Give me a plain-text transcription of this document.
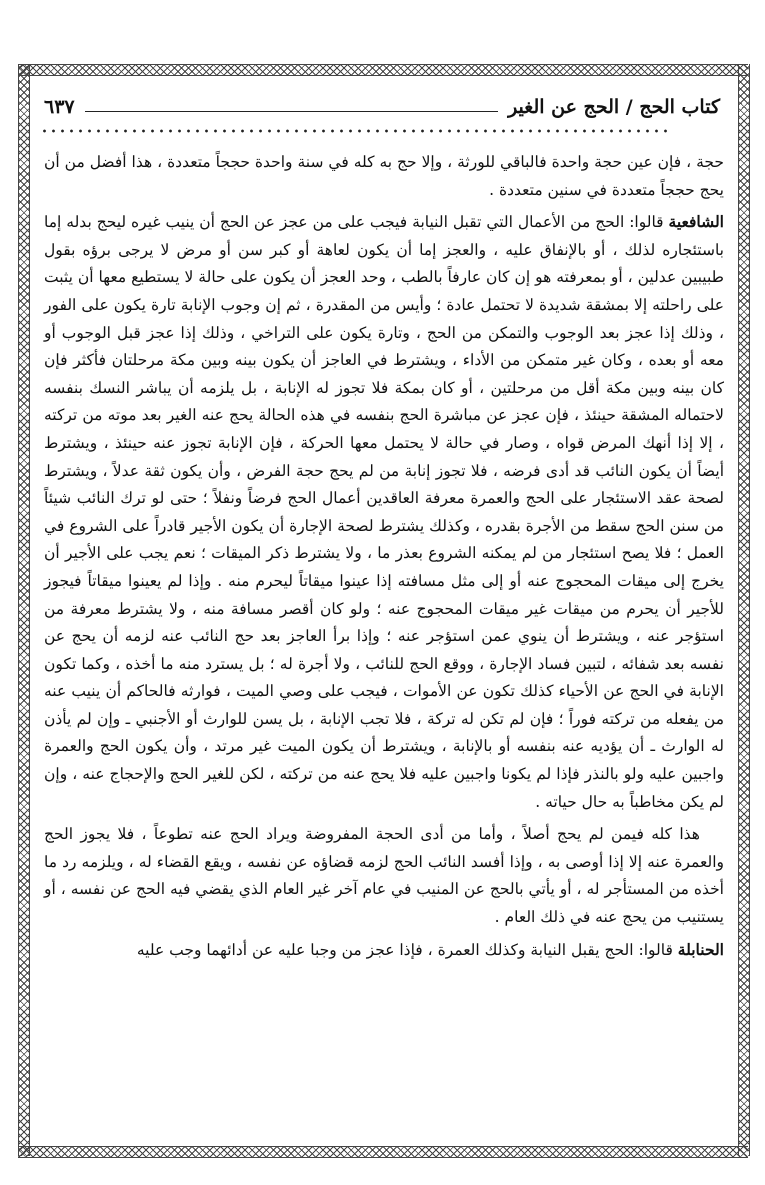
كتاب الحج / الحج عن الغير
٦٣٧

حجة ، فإن عين حجة واحدة فالباقي للورثة ، وإلا حج به كله في سنة واحدة حججاً متعددة ، هذا أفضل من أن يحج حججاً متعددة في سنين متعددة .

الشافعية قالوا: الحج من الأعمال التي تقبل النيابة فيجب على من عجز عن الحج أن ينيب غيره ليحج بدله إما باستئجاره لذلك ، أو بالإنفاق عليه ، والعجز إما أن يكون لعاهة أو كبر سن أو مرض لا يرجى برؤه بقول طبيبين عدلين ، أو بمعرفته هو إن كان عارفاً بالطب ، وحد العجز أن يكون على حالة لا يستطيع معها أن يثبت على راحلته إلا بمشقة شديدة لا تحتمل عادة ؛ وأيس من المقدرة ، ثم إن وجوب الإنابة تارة يكون على الفور ، وذلك إذا عجز بعد الوجوب والتمكن من الحج ، وتارة يكون على التراخي ، وذلك إذا عجز قبل الوجوب أو معه أو بعده ، وكان غير متمكن من الأداء ، ويشترط في العاجز أن يكون بينه وبين مكة مرحلتان فأكثر فإن كان بينه وبين مكة أقل من مرحلتين ، أو كان بمكة فلا تجوز له الإنابة ، بل يلزمه أن يباشر النسك بنفسه لاحتماله المشقة حينئذ ، فإن عجز عن مباشرة الحج بنفسه في هذه الحالة يحج عنه الغير بعد موته من تركته ، إلا إذا أنهك المرض قواه ، وصار في حالة لا يحتمل معها الحركة ، فإن الإنابة تجوز عنه حينئذ ، ويشترط أيضاً أن يكون النائب قد أدى فرضه ، فلا تجوز إنابة من لم يحج حجة الفرض ، وأن يكون ثقة عدلاً ، ويشترط لصحة عقد الاستئجار على الحج والعمرة معرفة العاقدين أعمال الحج فرضاً ونفلاً ؛ حتى لو ترك النائب شيئاً من سنن الحج سقط من الأجرة بقدره ، وكذلك يشترط لصحة الإجارة أن يكون الأجير قادراً على الشروع في العمل ؛ فلا يصح استئجار من لم يمكنه الشروع بعذر ما ، ولا يشترط ذكر الميقات ؛ نعم يجب على الأجير أن يخرج إلى ميقات المحجوج عنه أو إلى مثل مسافته إذا عينوا ميقاتاً ليحرم منه . وإذا لم يعينوا ميقاتاً فيجوز للأجير أن يحرم من ميقات غير ميقات المحجوج عنه ؛ ولو كان أقصر مسافة منه ، ولا يشترط معرفة من استؤجر عنه ، ويشترط أن ينوي عمن استؤجر عنه ؛ وإذا برأ العاجز بعد حج النائب عنه لزمه أن يحج عن نفسه بعد شفائه ، لتبين فساد الإجارة ، ووقع الحج للنائب ، ولا أجرة له ؛ بل يسترد منه ما أخذه ، وكما تكون الإنابة في الحج عن الأحياء كذلك تكون عن الأموات ، فيجب على وصي الميت ، فوارثه فالحاكم أن ينيب عنه من يفعله من تركته فوراً ؛ فإن لم تكن له تركة ، فلا تجب الإنابة ، بل يسن للوارث أو الأجنبي ـ وإن لم يأذن له الوارث ـ أن يؤديه عنه بنفسه أو بالإنابة ، ويشترط أن يكون الميت غير مرتد ، وأن يكون الحج والعمرة واجبين عليه ولو بالنذر فإذا لم يكونا واجبين عليه فلا يحج عنه من تركته ، لكن للغير الحج والإحجاج عنه ، وإن لم يكن مخاطباً به حال حياته .

هذا كله فيمن لم يحج أصلاً ، وأما من أدى الحجة المفروضة ويراد الحج عنه تطوعاً ، فلا يجوز الحج والعمرة عنه إلا إذا أوصى به ، وإذا أفسد النائب الحج لزمه قضاؤه عن نفسه ، ويقع القضاء له ، ويلزمه رد ما أخذه من المستأجر له ، أو يأتي بالحج عن المنيب في عام آخر غير العام الذي يقضي فيه الحج عن نفسه ، أو يستنيب من يحج عنه في ذلك العام .

الحنابلة قالوا: الحج يقبل النيابة وكذلك العمرة ، فإذا عجز من وجبا عليه عن أدائهما وجب عليه
